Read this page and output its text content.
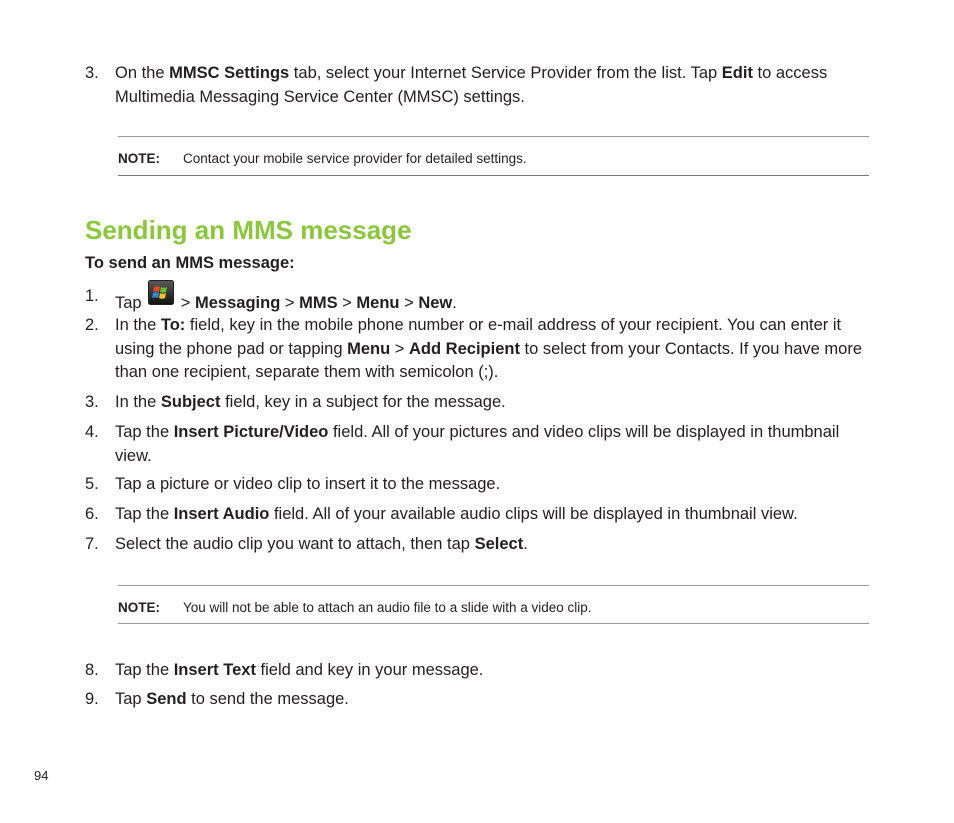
3. On the MMSC Settings tab, select your Internet Service Provider from the list. Tap Edit to access Multimedia Messaging Service Center (MMSC) settings.
NOTE: Contact your mobile service provider for detailed settings.
Sending an MMS message
To send an MMS message:
1. Tap  > Messaging > MMS > Menu > New.
2. In the To: field, key in the mobile phone number or e-mail address of your recipient. You can enter it using the phone pad or tapping Menu > Add Recipient to select from your Contacts. If you have more than one recipient, separate them with semicolon (;).
3. In the Subject field, key in a subject for the message.
4. Tap the Insert Picture/Video field. All of your pictures and video clips will be displayed in thumbnail view.
5. Tap a picture or video clip to insert it to the message.
6. Tap the Insert Audio field. All of your available audio clips will be displayed in thumbnail view.
7. Select the audio clip you want to attach, then tap Select.
NOTE: You will not be able to attach an audio file to a slide with a video clip.
8. Tap the Insert Text field and key in your message.
9. Tap Send to send the message.
94
